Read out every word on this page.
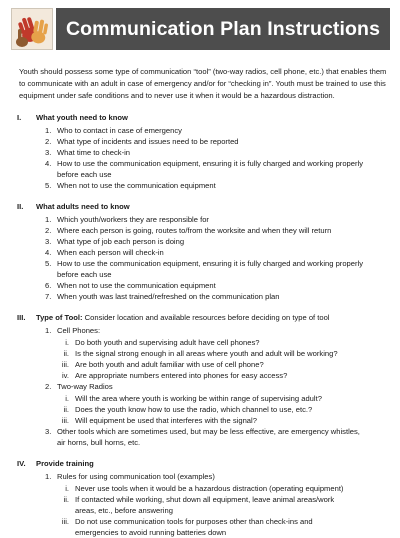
Communication Plan Instructions

Youth should possess some type of communication “tool” (two-way radios, cell phone, etc.) that enables them to communicate with an adult in case of emergency and/or for “checking in”. Youth must be trained to use this equipment under safe conditions and to never use it when it would be a hazardous distraction.

I.	What youth need to know
1. Who to contact in case of emergency
2. What type of incidents and issues need to be reported
3. What time to check-in
4. How to use the communication equipment, ensuring it is fully charged and working properly before each use
5. When not to use the communication equipment
II.	What adults need to know
1. Which youth/workers they are responsible for
2. Where each person is going, routes to/from the worksite and when they will return
3. What type of job each person is doing
4. When each person will check-in
5. How to use the communication equipment, ensuring it is fully charged and working properly before each use
6. When not to use the communication equipment
7. When youth was last trained/refreshed on the communication plan
III.	Type of Tool: Consider location and available resources before deciding on type of tool
1. Cell Phones:
i. Do both youth and supervising adult have cell phones?
ii. Is the signal strong enough in all areas where youth and adult will be working?
iii. Are both youth and adult familiar with use of cell phone?
iv. Are appropriate numbers entered into phones for easy access?
2. Two-way Radios
i. Will the area where youth is working be within range of supervising adult?
ii. Does the youth know how to use the radio, which channel to use, etc.?
iii. Will equipment be used that interferes with the signal?
3. Other tools which are sometimes used, but may be less effective, are emergency whistles, air horns, bull horns, etc.
IV.	Provide training
1. Rules for using communication tool (examples)
i. Never use tools when it would be a hazardous distraction (operating equipment)
ii. If contacted while working, shut down all equipment, leave animal areas/work areas, etc., before answering
iii. Do not use communication tools for purposes other than check-ins and emergencies to avoid running batteries down
